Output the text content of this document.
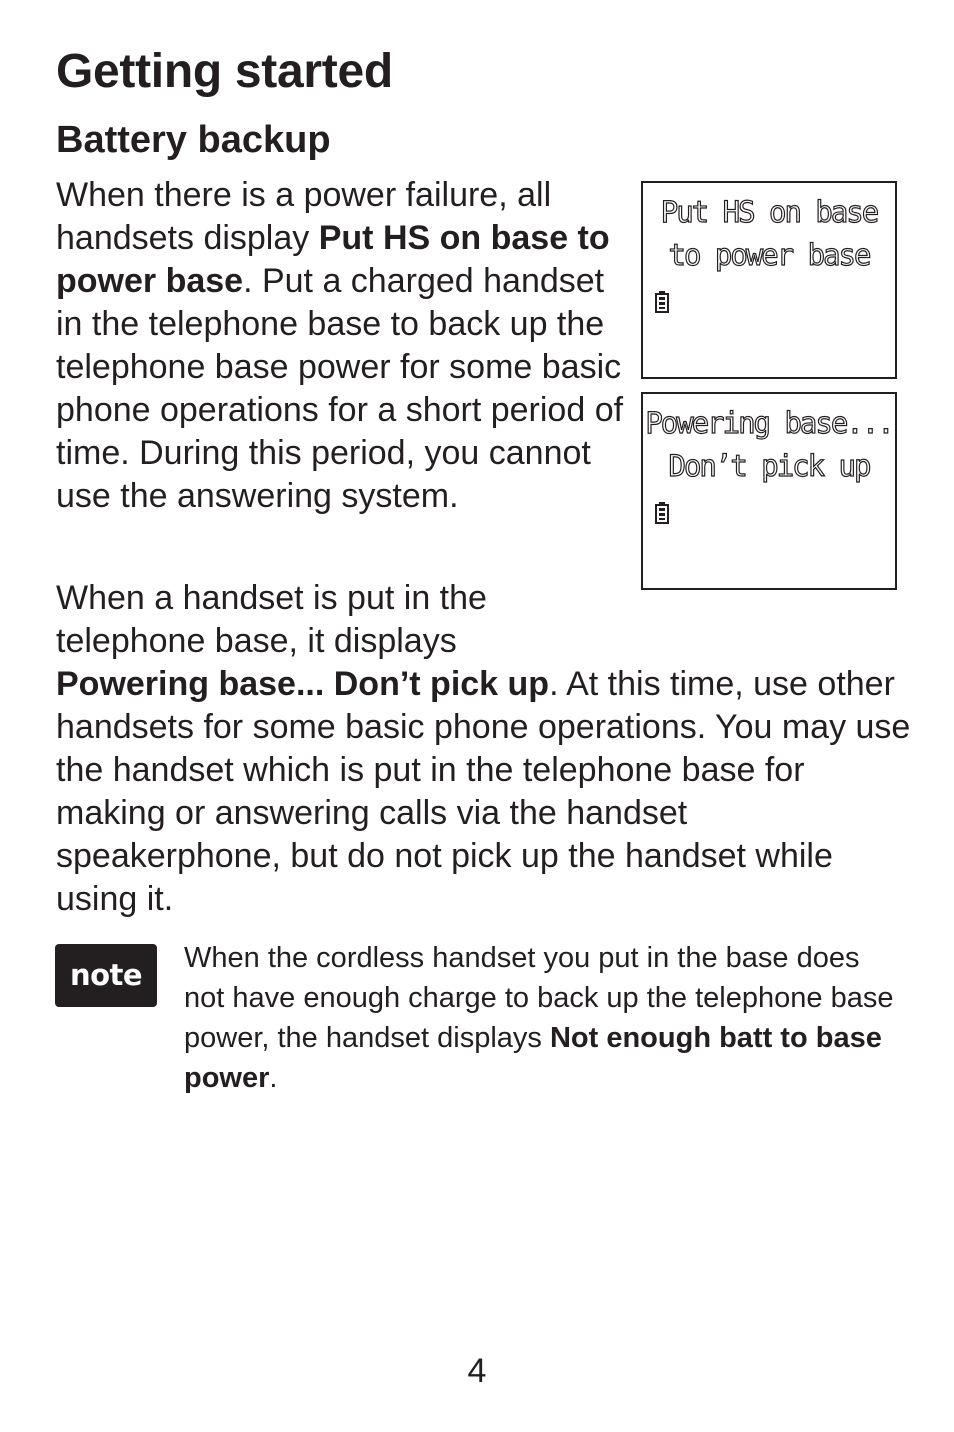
Getting started
Battery backup

When there is a power failure, all handsets display Put HS on base to power base. Put a charged handset in the telephone base to back up the telephone base power for some basic phone operations for a short period of time. During this period, you cannot use the answering system.

Put HS on base
to power base
Powering base...
Don’t pick up

When a handset is put in the telephone base, it displays
Powering base... Don’t pick up. At this time, use other handsets for some basic phone operations. You may use the handset which is put in the telephone base for making or answering calls via the handset speakerphone, but do not pick up the handset while using it.

note	When the cordless handset you put in the base does not have enough charge to back up the telephone base power, the handset displays Not enough batt to base power.

4
